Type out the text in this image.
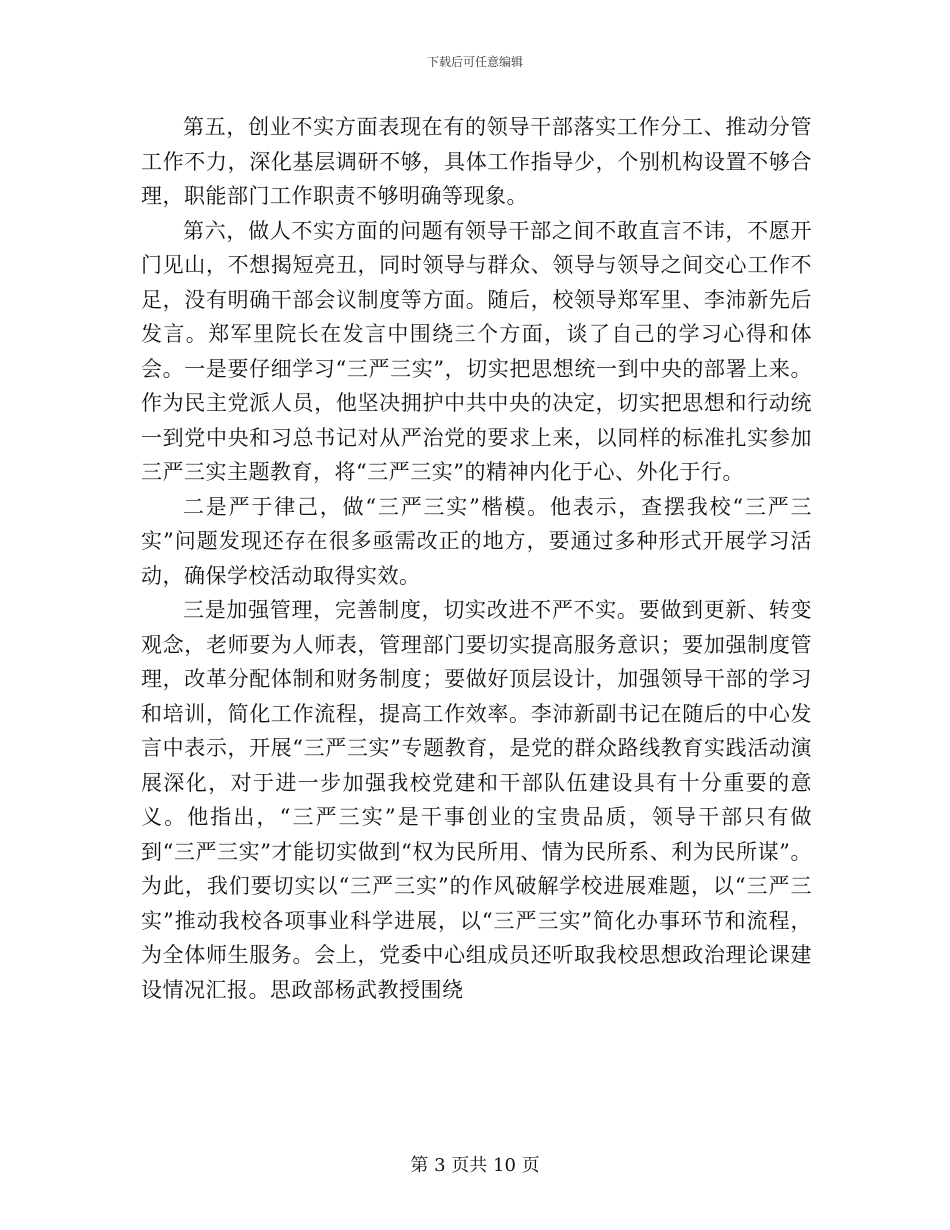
下载后可任意编辑

第五，创业不实方面表现在有的领导干部落实工作分工、推动分管工作不力，深化基层调研不够，具体工作指导少，个别机构设置不够合理，职能部门工作职责不够明确等现象。

第六，做人不实方面的问题有领导干部之间不敢直言不讳，不愿开门见山，不想揭短亮丑，同时领导与群众、领导与领导之间交心工作不足，没有明确干部会议制度等方面。随后，校领导郑军里、李沛新先后发言。郑军里院长在发言中围绕三个方面，谈了自己的学习心得和体会。一是要仔细学习“三严三实”，切实把思想统一到中央的部署上来。作为民主党派人员，他坚决拥护中共中央的决定，切实把思想和行动统一到党中央和习总书记对从严治党的要求上来，以同样的标准扎实参加三严三实主题教育，将“三严三实”的精神内化于心、外化于行。

二是严于律己，做“三严三实”楷模。他表示，查摆我校“三严三实”问题发现还存在很多亟需改正的地方，要通过多种形式开展学习活动，确保学校活动取得实效。

三是加强管理，完善制度，切实改进不严不实。要做到更新、转变观念，老师要为人师表，管理部门要切实提高服务意识；要加强制度管理，改革分配体制和财务制度；要做好顶层设计，加强领导干部的学习和培训，简化工作流程，提高工作效率。李沛新副书记在随后的中心发言中表示，开展“三严三实”专题教育，是党的群众路线教育实践活动演展深化，对于进一步加强我校党建和干部队伍建设具有十分重要的意义。他指出，“三严三实”是干事创业的宝贵品质，领导干部只有做到“三严三实”才能切实做到“权为民所用、情为民所系、利为民所谋”。为此，我们要切实以“三严三实”的作风破解学校进展难题，以“三严三实”推动我校各项事业科学进展，以“三严三实”简化办事环节和流程，为全体师生服务。会上，党委中心组成员还听取我校思想政治理论课建设情况汇报。思政部杨武教授围绕

第 3 页共 10 页
